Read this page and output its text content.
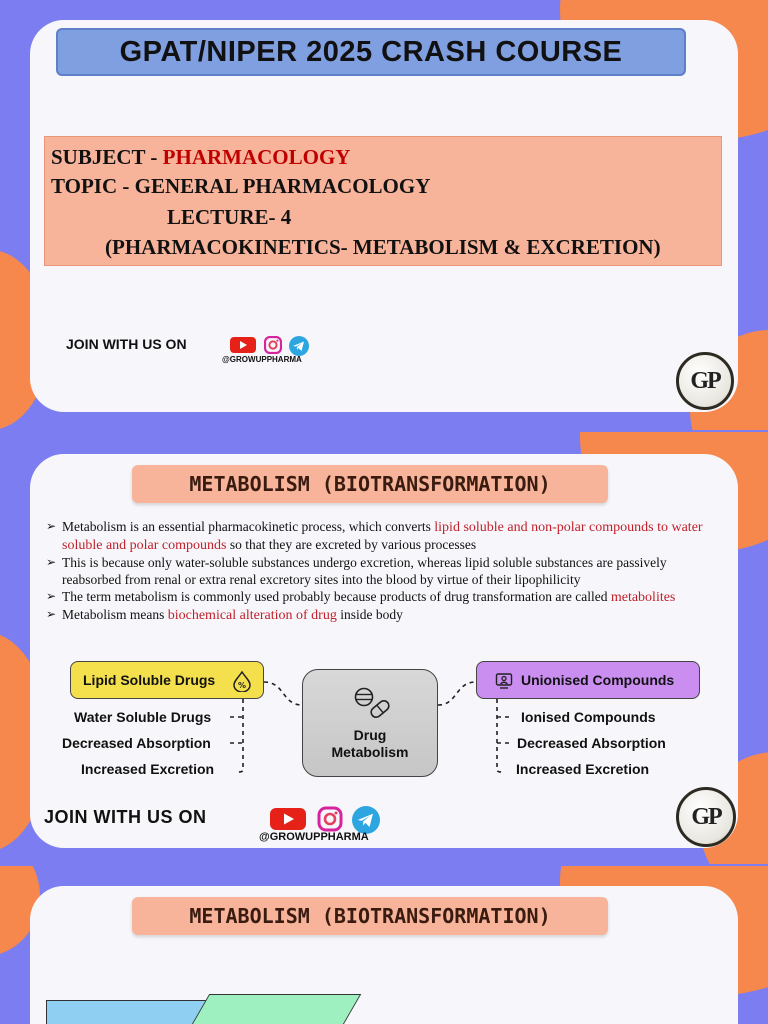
GPAT/NIPER 2025 CRASH COURSE
SUBJECT - PHARMACOLOGY
TOPIC - GENERAL PHARMACOLOGY
LECTURE- 4
(PHARMACOKINETICS- METABOLISM & EXCRETION)
JOIN WITH US ON
@GROWUPPHARMA
GP
METABOLISM (BIOTRANSFORMATION)
➢ Metabolism is an essential pharmacokinetic process, which converts lipid soluble and non-polar compounds to water soluble and polar compounds so that they are excreted by various processes
➢ This is because only water-soluble substances undergo excretion, whereas lipid soluble substances are passively reabsorbed from renal or extra renal excretory sites into the blood by virtue of their lipophilicity
➢ The term metabolism is commonly used probably because products of drug transformation are called metabolites
➢ Metabolism means biochemical alteration of drug inside body
Lipid Soluble Drugs	%	Unionised Compounds
Water Soluble Drugs
Decreased Absorption
Increased Excretion
Ionised Compounds
Decreased Absorption
Increased Excretion
Drug
Metabolism
JOIN WITH US ON
@GROWUPPHARMA
GP
METABOLISM (BIOTRANSFORMATION)
